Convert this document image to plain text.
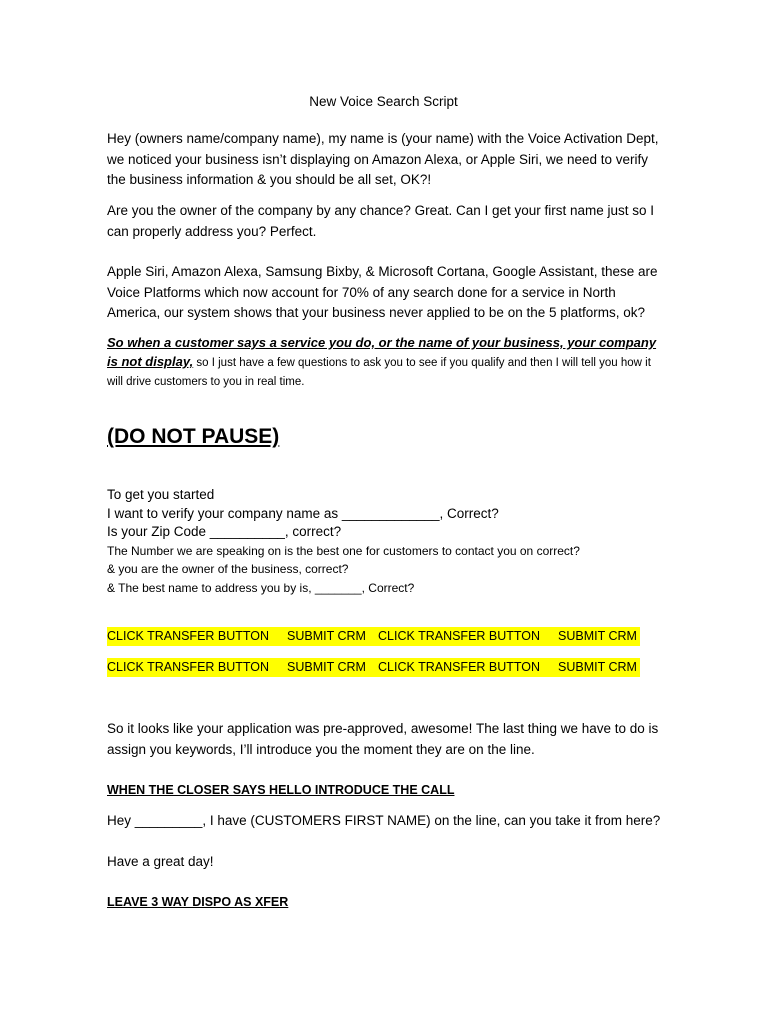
New Voice Search Script

Hey (owners name/company name), my name is (your name) with the Voice Activation Dept, we noticed your business isn’t displaying on Amazon Alexa, or Apple Siri, we need to verify the business information & you should be all set, OK?!

Are you the owner of the company by any chance? Great. Can I get your first name just so I can properly address you? Perfect.

Apple Siri, Amazon Alexa, Samsung Bixby, & Microsoft Cortana, Google Assistant, these are Voice Platforms which now account for 70% of any search done for a service in North America, our system shows that your business never applied to be on the 5 platforms, ok?

So when a customer says a service you do, or the name of your business, your company is not display, so I just have a few questions to ask you to see if you qualify and then I will tell you how it will drive customers to you in real time.

(DO NOT PAUSE)
To get you started
I want to verify your company name as _____________, Correct?
Is your Zip Code __________, correct?
The Number we are speaking on is the best one for customers to contact you on correct?
& you are the owner of the business, correct?
& The best name to address you by is, _______, Correct?
CLICK TRANSFER BUTTON SUBMIT CRM CLICK TRANSFER BUTTON SUBMIT CRM
CLICK TRANSFER BUTTON SUBMIT CRM CLICK TRANSFER BUTTON SUBMIT CRM

So it looks like your application was pre-approved, awesome! The last thing we have to do is assign you keywords, I’ll introduce you the moment they are on the line.

WHEN THE CLOSER SAYS HELLO INTRODUCE THE CALL

Hey _________, I have (CUSTOMERS FIRST NAME) on the line, can you take it from here?

Have a great day!

LEAVE 3 WAY DISPO AS XFER
